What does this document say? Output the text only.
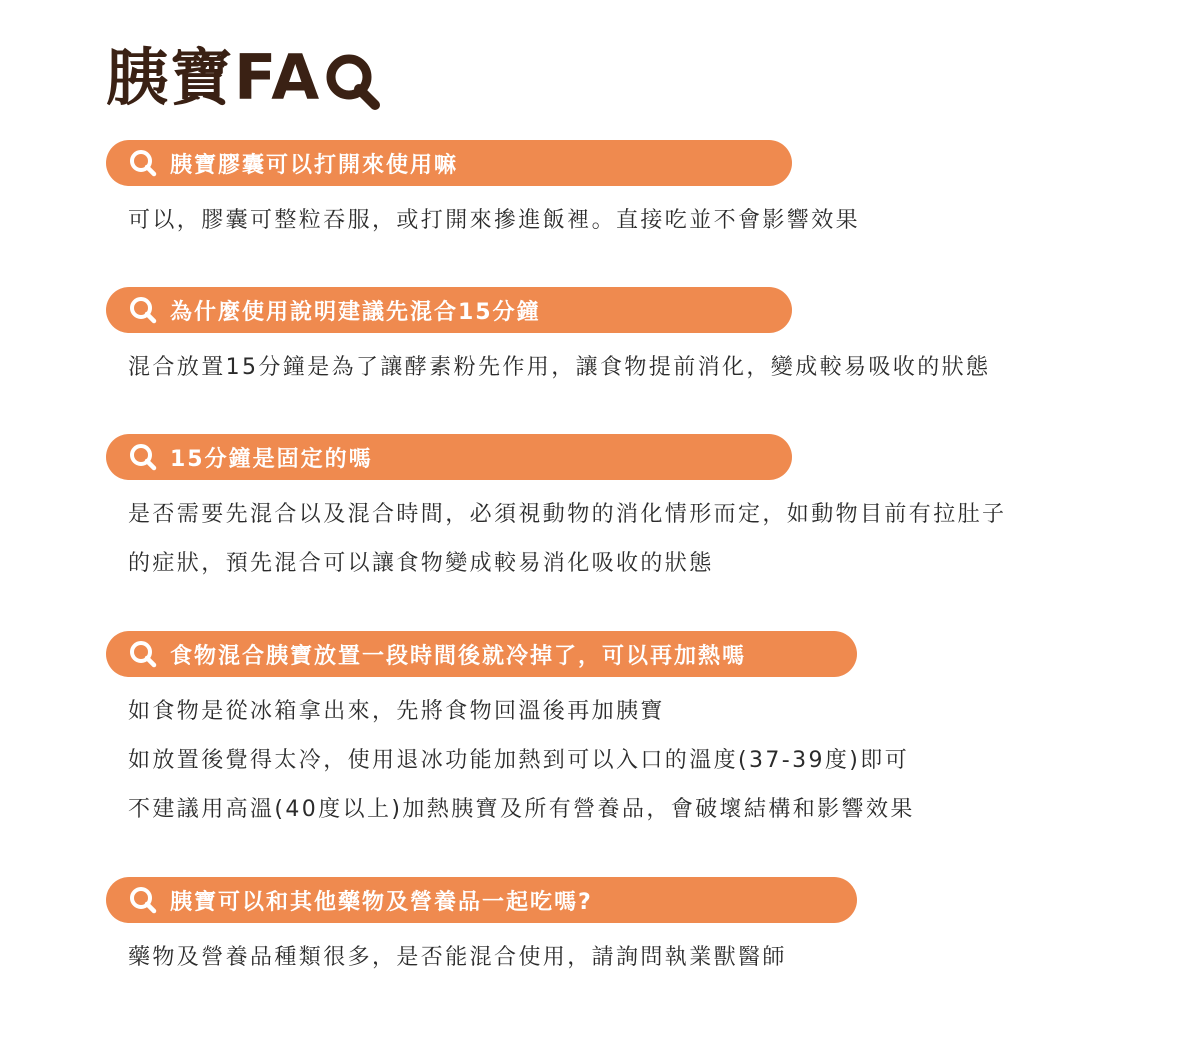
胰寶FA
胰寶膠囊可以打開來使用嘛
可以，膠囊可整粒吞服，或打開來摻進飯裡。直接吃並不會影響效果
為什麼使用說明建議先混合15分鐘
混合放置15分鐘是為了讓酵素粉先作用，讓食物提前消化，變成較易吸收的狀態
15分鐘是固定的嗎
是否需要先混合以及混合時間，必須視動物的消化情形而定，如動物目前有拉肚子
的症狀，預先混合可以讓食物變成較易消化吸收的狀態
食物混合胰寶放置一段時間後就冷掉了，可以再加熱嗎
如食物是從冰箱拿出來，先將食物回溫後再加胰寶
如放置後覺得太冷，使用退冰功能加熱到可以入口的溫度(37-39度)即可
不建議用高溫(40度以上)加熱胰寶及所有營養品，會破壞結構和影響效果
胰寶可以和其他藥物及營養品一起吃嗎?
藥物及營養品種類很多，是否能混合使用，請詢問執業獸醫師
